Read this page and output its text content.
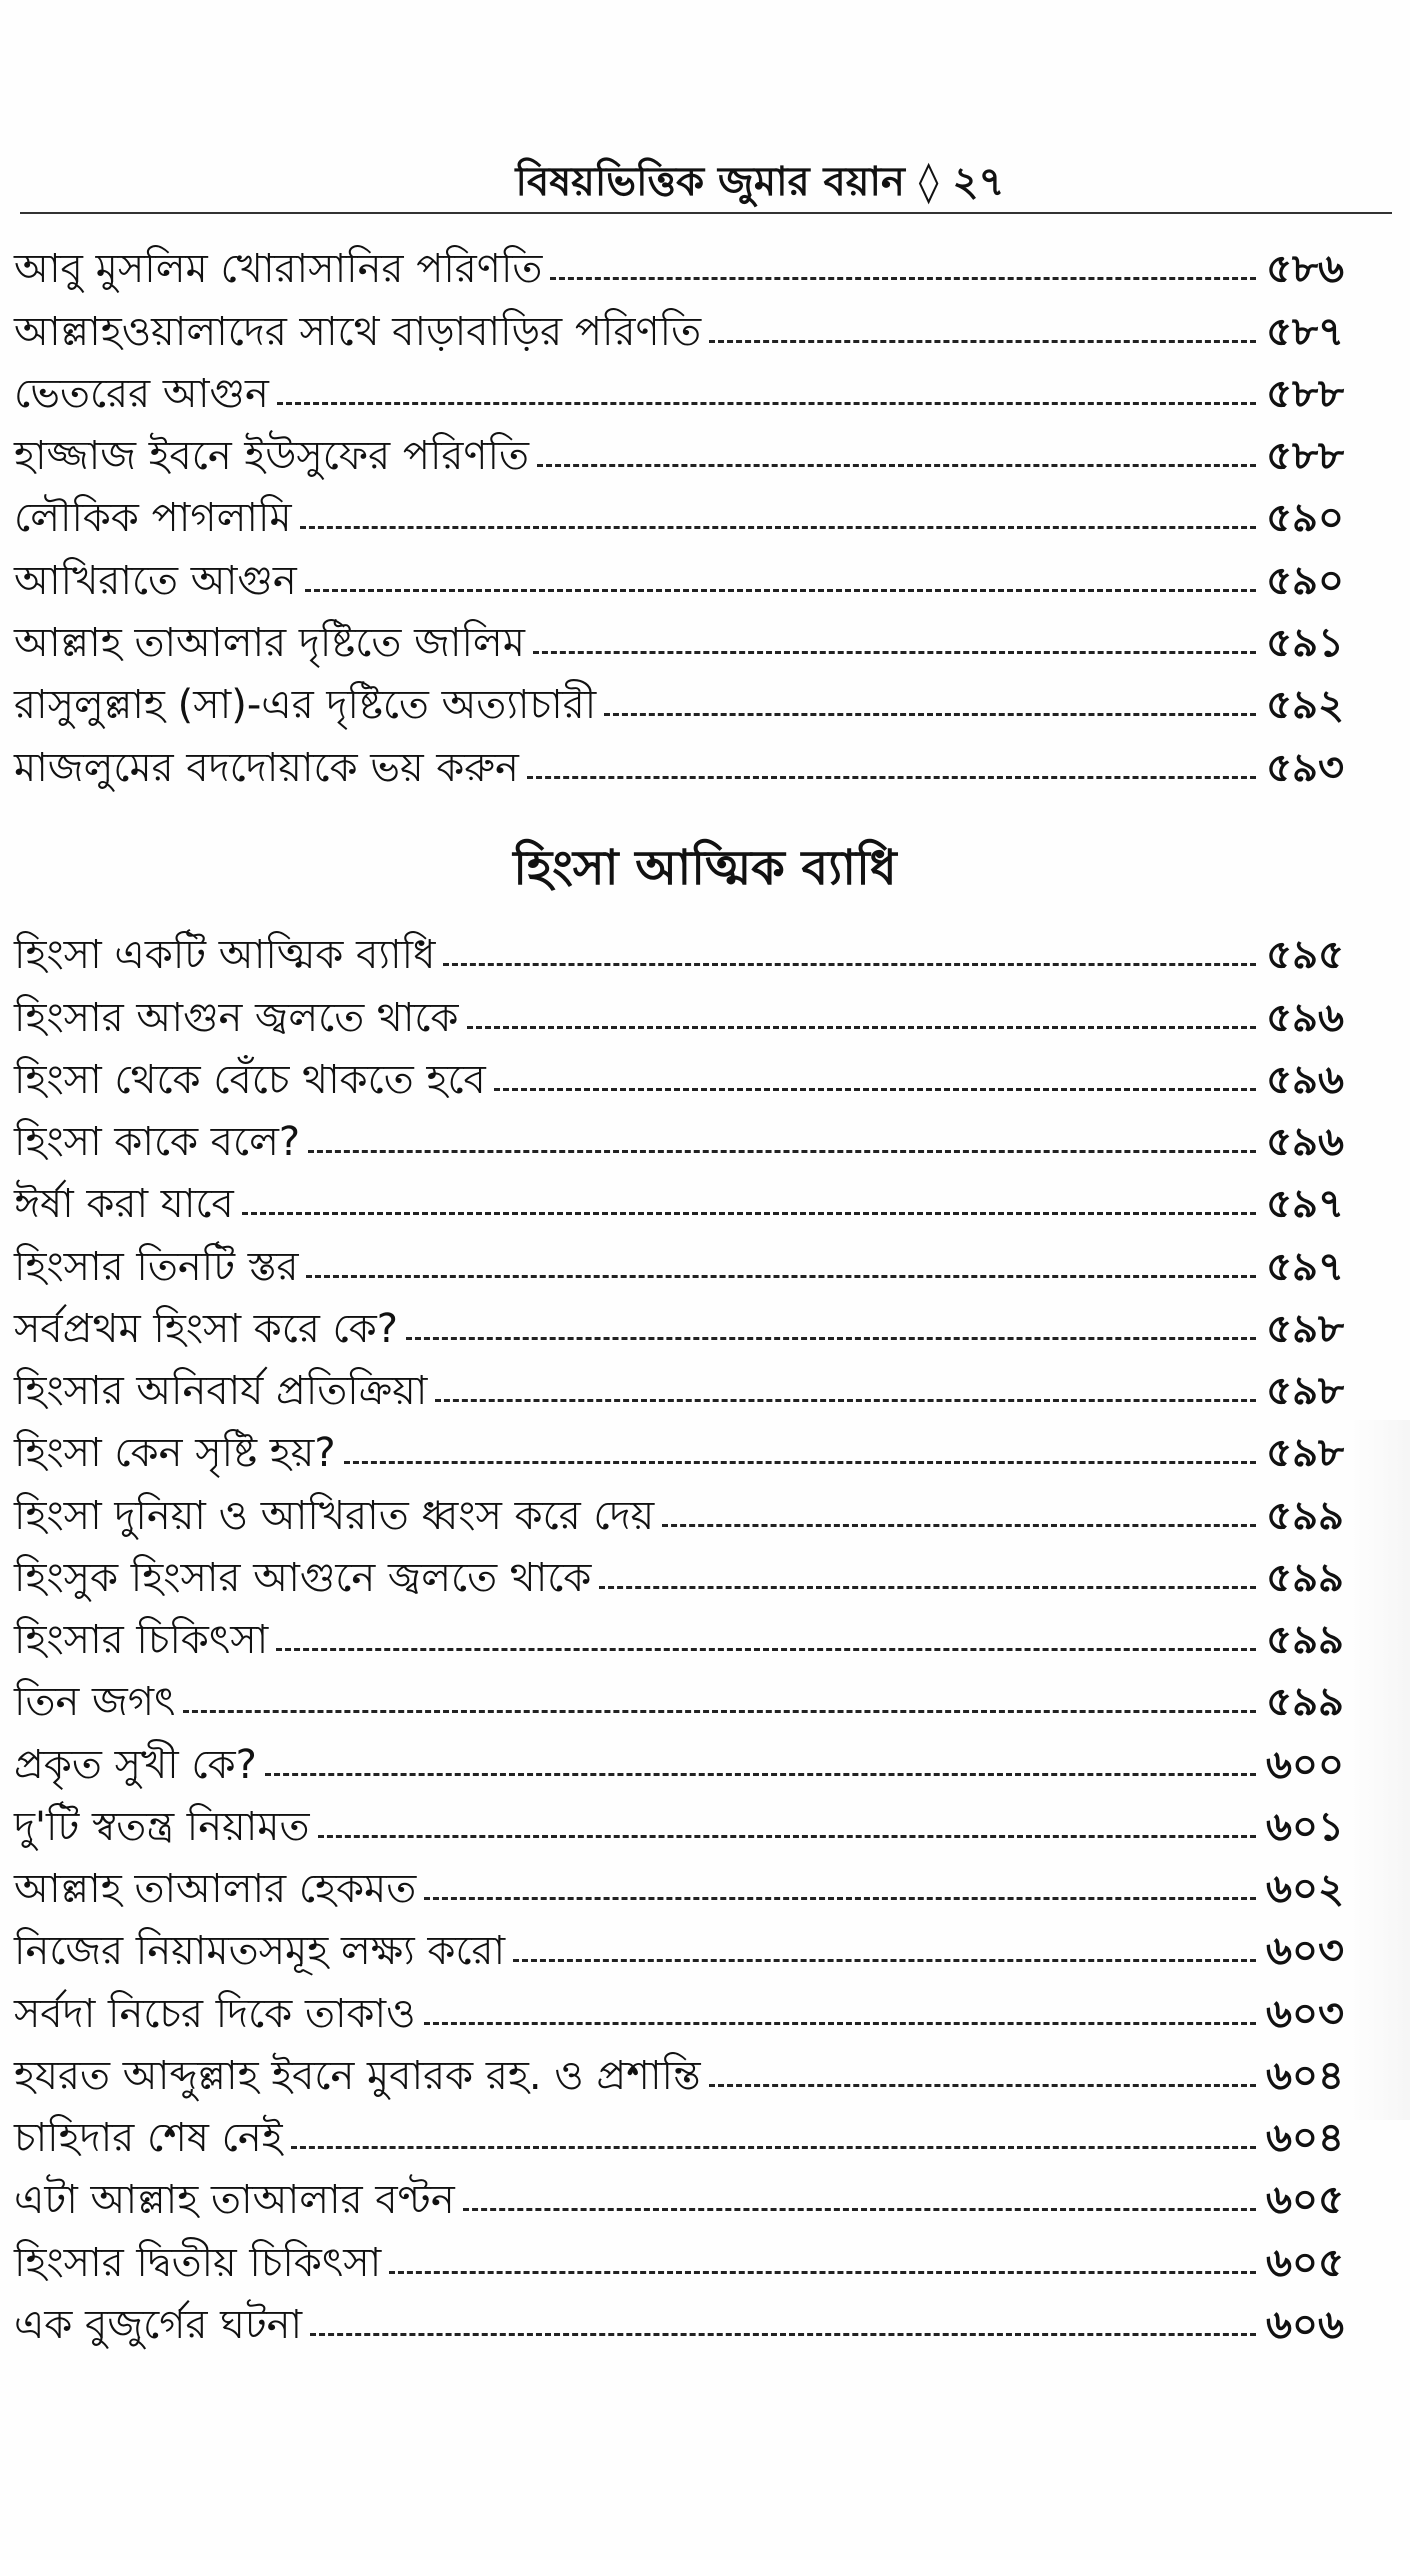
বিষয়ভিত্তিক জুমার বয়ান ◊ ২৭
আবু মুসলিম খোরাসানির পরিণতি	৫৮৬
আল্লাহওয়ালাদের সাথে বাড়াবাড়ির পরিণতি	৫৮৭
ভেতরের আগুন	৫৮৮
হাজ্জাজ ইবনে ইউসুফের পরিণতি	৫৮৮
লৌকিক পাগলামি	৫৯০
আখিরাতে আগুন	৫৯০
আল্লাহ তাআলার দৃষ্টিতে জালিম	৫৯১
রাসুলুল্লাহ (সা)-এর দৃষ্টিতে অত্যাচারী	৫৯২
মাজলুমের বদদোয়াকে ভয় করুন	৫৯৩
হিংসা আত্মিক ব্যাধি
হিংসা একটি আত্মিক ব্যাধি	৫৯৫
হিংসার আগুন জ্বলতে থাকে	৫৯৬
হিংসা থেকে বেঁচে থাকতে হবে	৫৯৬
হিংসা কাকে বলে?	৫৯৬
ঈর্ষা করা যাবে	৫৯৭
হিংসার তিনটি স্তর	৫৯৭
সর্বপ্রথম হিংসা করে কে?	৫৯৮
হিংসার অনিবার্য প্রতিক্রিয়া	৫৯৮
হিংসা কেন সৃষ্টি হয়?	৫৯৮
হিংসা দুনিয়া ও আখিরাত ধ্বংস করে দেয়	৫৯৯
হিংসুক হিংসার আগুনে জ্বলতে থাকে	৫৯৯
হিংসার চিকিৎসা	৫৯৯
তিন জগৎ	৫৯৯
প্রকৃত সুখী কে?	৬০০
দু'টি স্বতন্ত্র নিয়ামত	৬০১
আল্লাহ তাআলার হেকমত	৬০২
নিজের নিয়ামতসমূহ লক্ষ্য করো	৬০৩
সর্বদা নিচের দিকে তাকাও	৬০৩
হযরত আব্দুল্লাহ ইবনে মুবারক রহ. ও প্রশান্তি	৬০৪
চাহিদার শেষ নেই	৬০৪
এটা আল্লাহ তাআলার বণ্টন	৬০৫
হিংসার দ্বিতীয় চিকিৎসা	৬০৫
এক বুজুর্গের ঘটনা	৬০৬
